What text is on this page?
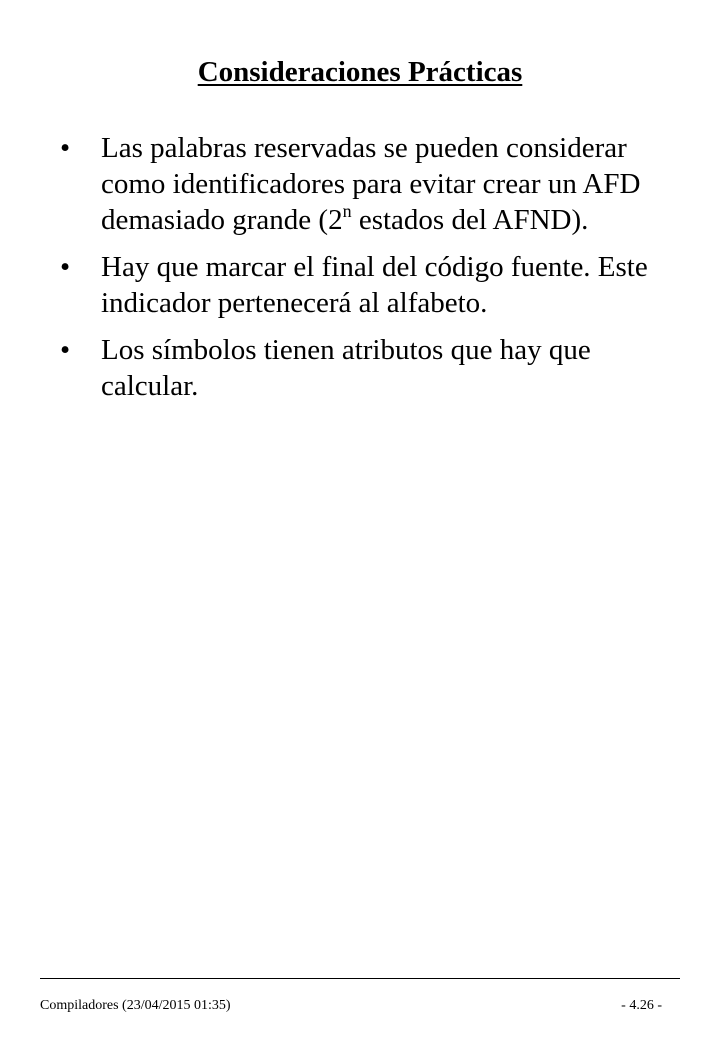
Consideraciones Prácticas
• Las palabras reservadas se pueden considerar como identificadores para evitar crear un AFD demasiado grande (2$^n$ estados del AFND).
• Hay que marcar el final del código fuente. Este indicador pertenecerá al alfabeto.
• Los símbolos tienen atributos que hay que calcular.
Compiladores (23/04/2015 01:35)	- 4.26 -
